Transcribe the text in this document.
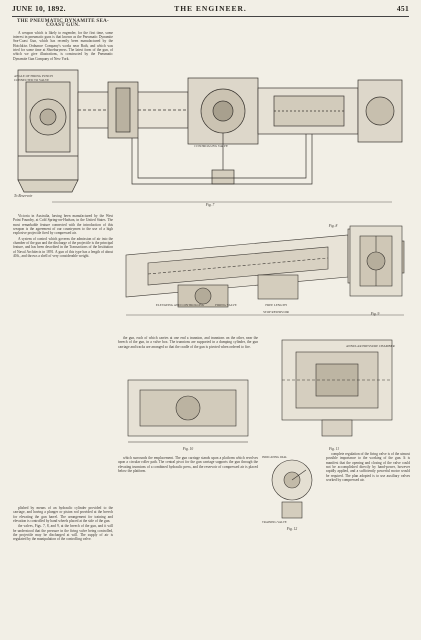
JUNE 10, 1892.	THE ENGINEER.	451
THE PNEUMATIC DYNAMITE SEA-COAST GUN.

A weapon which is likely to engender, for the first time, some interest in pneumatic guns is that known as the Pneumatic Dynamite Sea-Coast Gun, which has recently been manufactured by the Hotchkiss Ordnance Company's works near Bath, and which was tried for some time at Shoeburyness. The latest form of the gun, of which we give illustrations, is constructed by the Pneumatic Dynamite Gun Company of New York.

ANGLE OF FIRING PUNCH CONNECTED TO VALVE
CONTROLLING VALVE
To Reservoir
Fig. 7

Victoria in Australia, having been manufactured by the West Point Foundry, at Cold Spring-on-Hudson, in the United States. The most remarkable feature connected with the introduction of this weapon is the agreement of our countrymen to the use of a high explosive projectile fired by compressed air.

A system of control which governs the admission of air into the chamber of the gun and the discharge of the projectile is the principal feature, and has been described in the Transactions of the Institution of Naval Architects in 1891. A gun of this type has a length of about 40ft., and throws a shell of very considerable weight.

ELEVATING AND CONTROLLING	FIRING VALVE	FREE LENGTH
STOP RESERVOIR
Fig. 8
Fig. 9

the gun, each of which carries at one end a trunnion, and trunnions on the other, near the breech of the gun, in a valve box. The trunnions are supported in a dumping cylinder, the gun carriage and tracks are arranged so that the cradle of the gun is pivoted when ordered to fire.

Fig. 10
ANNULAR PRESSURE CHAMBER
Fig. 11
INDICATING DIAL
TRAINING VALVE
Fig. 12

which surrounds the emplacement. The gun carriage stands upon a platform which revolves upon a circular roller path. The central pivot for the gun carriage supports the gun through the elevating trunnions of a combined hydraulic press, and the reservoir of compressed air is placed below the platform.

complete regulation of the firing valve is of the utmost possible importance to the working of the gun. It is manifest that the opening and closing of the valve could not be accomplished directly by hand-power, however rapidly applied, and a sufficiently powerful motor would be required. The plan adopted is to use auxiliary valves worked by compressed air.

plished by means of an hydraulic cylinder provided to the carriage, and having a plunger or piston rod provided at the breech for elevating the gun barrel. The arrangement for training and elevation is controlled by hand wheels placed at the side of the gun.

the valves, Figs. 7, 8, and 9, at the breech of the gun, and it will be understood that the pressure in the firing valve being controlled, the projectile may be discharged at will. The supply of air is regulated by the manipulation of the controlling valve.
